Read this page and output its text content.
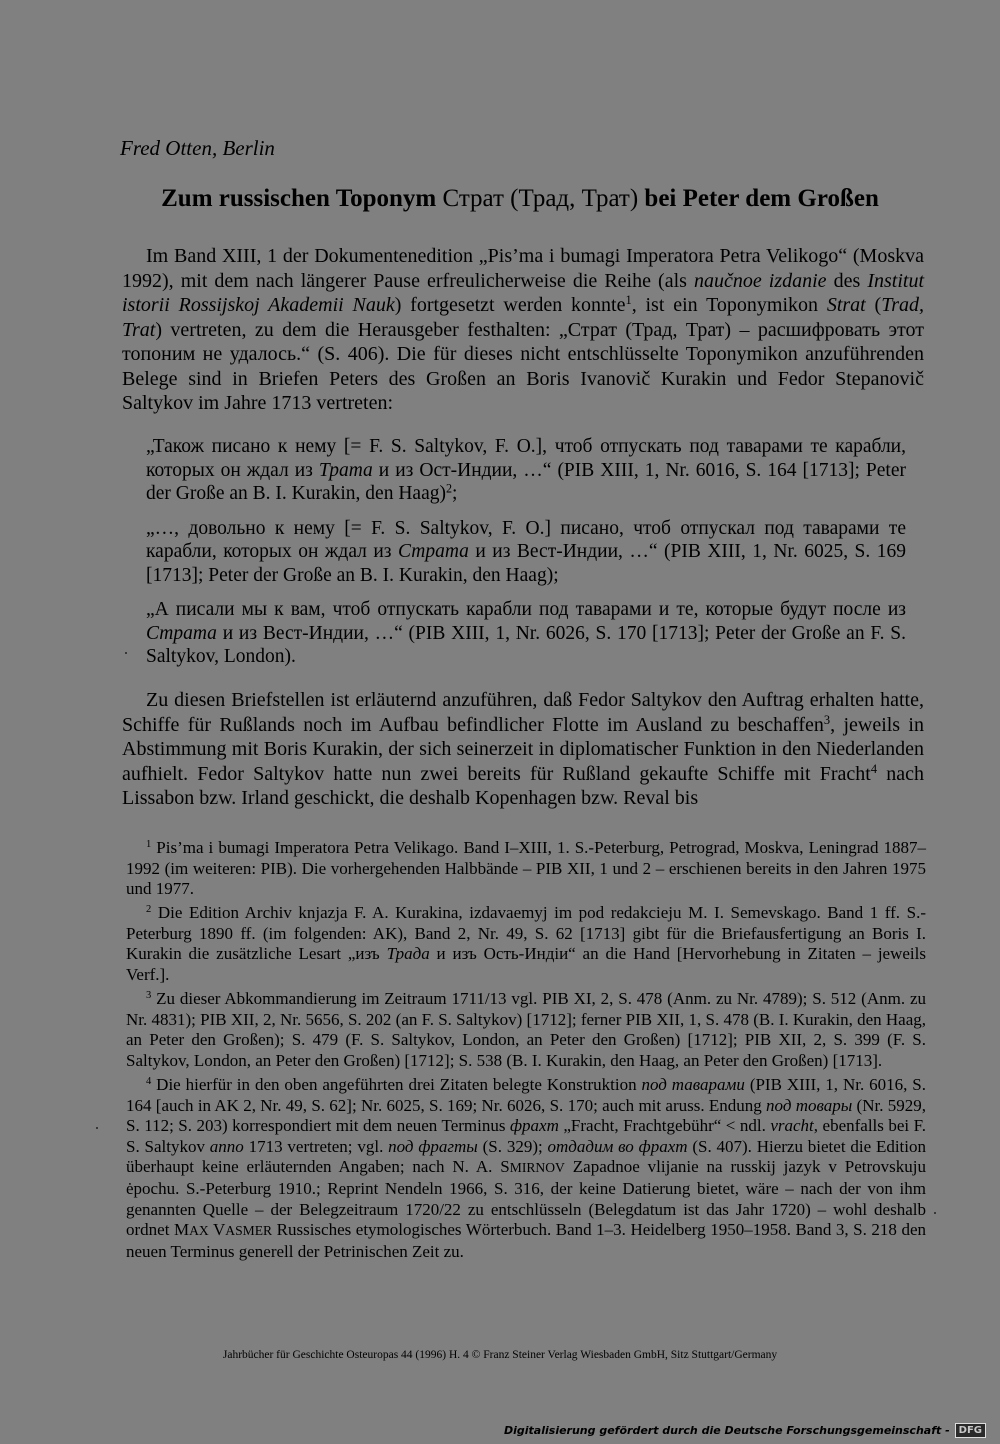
Fred Otten, Berlin
Zum russischen Toponym Страт (Трад, Трат) bei Peter dem Großen

Im Band XIII, 1 der Dokumentenedition „Pis’ma i bumagi Imperatora Petra Velikogo“ (Moskva 1992), mit dem nach längerer Pause erfreulicherweise die Reihe (als naučnoe izdanie des Institut istorii Rossijskoj Akademii Nauk) fortgesetzt werden konnte$^1$, ist ein Toponymikon Strat (Trad, Trat) vertreten, zu dem die Herausgeber festhalten: „Страт (Трад, Трат) – расшифровать этот топоним не удалось.“ (S. 406). Die für dieses nicht entschlüsselte Toponymikon anzuführenden Belege sind in Briefen Peters des Großen an Boris Ivanovič Kurakin und Fedor Stepanovič Saltykov im Jahre 1713 vertreten:

„Також писано к нему [= F. S. Saltykov, F. O.], чтоб отпускать под таварами те карабли, которых он ждал из Трата и из Ост-Индии, …“ (PIB XIII, 1, Nr. 6016, S. 164 [1713]; Peter der Große an B. I. Kurakin, den Haag)$^2$;

„…, довольно к нему [= F. S. Saltykov, F. O.] писано, чтоб отпускал под таварами те карабли, которых он ждал из Страта и из Вест-Индии, …“ (PIB XIII, 1, Nr. 6025, S. 169 [1713]; Peter der Große an B. I. Kurakin, den Haag);

„А писали мы к вам, чтоб отпускать карабли под таварами и те, которые будут после из Страта и из Вест-Индии, …“ (PIB XIII, 1, Nr. 6026, S. 170 [1713]; Peter der Große an F. S. Saltykov, London).

Zu diesen Briefstellen ist erläuternd anzuführen, daß Fedor Saltykov den Auftrag erhalten hatte, Schiffe für Rußlands noch im Aufbau befindlicher Flotte im Ausland zu beschaffen$^3$, jeweils in Abstimmung mit Boris Kurakin, der sich seinerzeit in diplomatischer Funktion in den Niederlanden aufhielt. Fedor Saltykov hatte nun zwei bereits für Rußland gekaufte Schiffe mit Fracht$^4$ nach Lissabon bzw. Irland geschickt, die deshalb Kopenhagen bzw. Reval bis

$^1$ Pis’ma i bumagi Imperatora Petra Velikago. Band I–XIII, 1. S.-Peterburg, Petrograd, Moskva, Leningrad 1887–1992 (im weiteren: PIB). Die vorhergehenden Halbbände – PIB XII, 1 und 2 – erschienen bereits in den Jahren 1975 und 1977.

$^2$ Die Edition Archiv knjazja F. A. Kurakina, izdavaemyj im pod redakcieju M. I. Semevskago. Band 1 ff. S.-Peterburg 1890 ff. (im folgenden: AK), Band 2, Nr. 49, S. 62 [1713] gibt für die Briefausfertigung an Boris I. Kurakin die zusätzliche Lesart „изъ Трада и изъ Ость-Индіи“ an die Hand [Hervorhebung in Zitaten – jeweils Verf.].

$^3$ Zu dieser Abkommandierung im Zeitraum 1711/13 vgl. PIB XI, 2, S. 478 (Anm. zu Nr. 4789); S. 512 (Anm. zu Nr. 4831); PIB XII, 2, Nr. 5656, S. 202 (an F. S. Saltykov) [1712]; ferner PIB XII, 1, S. 478 (B. I. Kurakin, den Haag, an Peter den Großen); S. 479 (F. S. Saltykov, London, an Peter den Großen) [1712]; PIB XII, 2, S. 399 (F. S. Saltykov, London, an Peter den Großen) [1712]; S. 538 (B. I. Kurakin, den Haag, an Peter den Großen) [1713].

$^4$ Die hierfür in den oben angeführten drei Zitaten belegte Konstruktion под таварами (PIB XIII, 1, Nr. 6016, S. 164 [auch in AK 2, Nr. 49, S. 62]; Nr. 6025, S. 169; Nr. 6026, S. 170; auch mit aruss. Endung под товары (Nr. 5929, S. 112; S. 203) korrespondiert mit dem neuen Terminus фрахт „Fracht, Frachtgebühr“ < ndl. vracht, ebenfalls bei F. S. Saltykov anno 1713 vertreten; vgl. под фрагты (S. 329); отдадим во фрахт (S. 407). Hierzu bietet die Edition überhaupt keine erläuternden Angaben; nach N. A. SMIRNOV Zapadnoe vlijanie na russkij jazyk v Petrovskuju ėpochu. S.-Peterburg 1910.; Reprint Nendeln 1966, S. 316, der keine Datierung bietet, wäre – nach der von ihm genannten Quelle – der Belegzeitraum 1720/22 zu entschlüsseln (Belegdatum ist das Jahr 1720) – wohl deshalb ordnet MAX VASMER Russisches etymologisches Wörterbuch. Band 1–3. Heidelberg 1950–1958. Band 3, S. 218 den neuen Terminus generell der Petrinischen Zeit zu.

Jahrbücher für Geschichte Osteuropas 44 (1996) H. 4 © Franz Steiner Verlag Wiesbaden GmbH, Sitz Stuttgart/Germany
Digitalisierung gefördert durch die Deutsche Forschungsgemeinschaft - DFG
